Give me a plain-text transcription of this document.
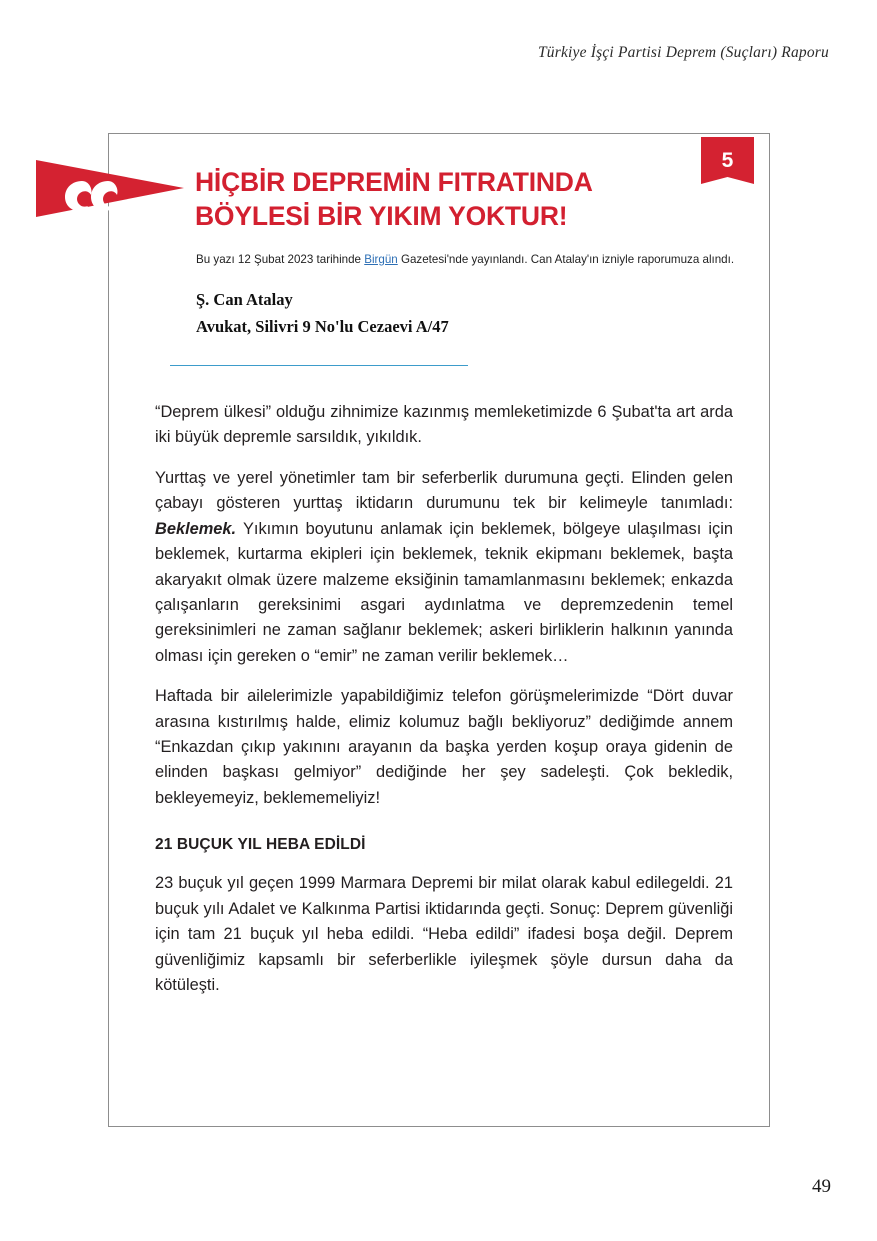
Türkiye İşçi Partisi Deprem (Suçları) Raporu
5
HİÇBİR DEPREMİN FITRATINDA
BÖYLESİ BİR YIKIM YOKTUR!
Bu yazı 12 Şubat 2023 tarihinde Birgün Gazetesi'nde yayınlandı. Can Atalay'ın izniyle raporumuza alındı.
Ş. Can Atalay
Avukat, Silivri 9 No'lu Cezaevi A/47

“Deprem ülkesi” olduğu zihnimize kazınmış memleketimizde 6 Şubat'ta art arda iki büyük depremle sarsıldık, yıkıldık.

Yurttaş ve yerel yönetimler tam bir seferberlik durumuna geçti. Elinden gelen çabayı gösteren yurttaş iktidarın durumunu tek bir kelimeyle tanımladı: Beklemek. Yıkımın boyutunu anlamak için beklemek, bölgeye ulaşılması için beklemek, kurtarma ekipleri için beklemek, teknik ekipmanı beklemek, başta akaryakıt olmak üzere malzeme eksiğinin tamamlanmasını beklemek; enkazda çalışanların gereksinimi asgari aydınlatma ve depremzedenin temel gereksinimleri ne zaman sağlanır beklemek; askeri birliklerin halkının yanında olması için gereken o “emir” ne zaman verilir beklemek…

Haftada bir ailelerimizle yapabildiğimiz telefon görüşmelerimizde “Dört duvar arasına kıstırılmış halde, elimiz kolumuz bağlı bekliyoruz” dediğimde annem “Enkazdan çıkıp yakınını arayanın da başka yerden koşup oraya gidenin de elinden başkası gelmiyor” dediğinde her şey sadeleşti. Çok bekledik, bekleyemeyiz, beklememeliyiz!

21 BUÇUK YIL HEBA EDİLDİ

23 buçuk yıl geçen 1999 Marmara Depremi bir milat olarak kabul edilegeldi. 21 buçuk yılı Adalet ve Kalkınma Partisi iktidarında geçti. Sonuç: Deprem güvenliği için tam 21 buçuk yıl heba edildi. “Heba edildi” ifadesi boşa değil. Deprem güvenliğimiz kapsamlı bir seferberlikle iyileşmek şöyle dursun daha da kötüleşti.

49
